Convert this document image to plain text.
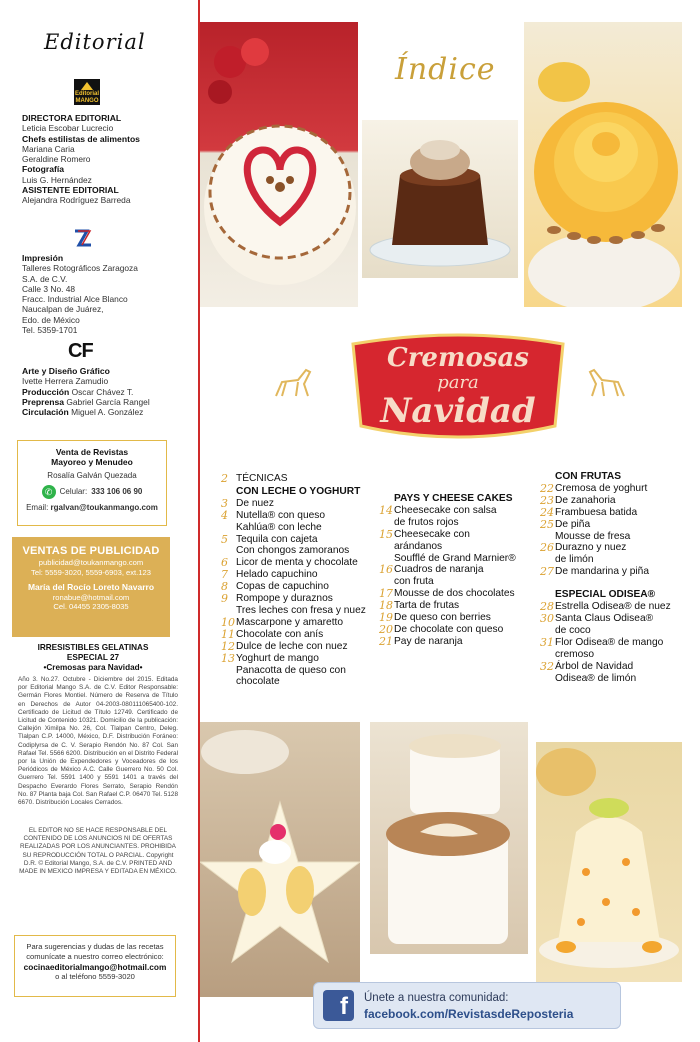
Editorial
Editorial MANGO
DIRECTORA EDITORIAL
Leticia Escobar Lucrecio
Chefs estilistas de alimentos
Mariana Caria
Geraldine Romero
Fotografía
Luis G. Hernández
ASISTENTE EDITORIAL
Alejandra Rodríguez Barreda
Impresión
Talleres Rotográficos Zaragoza
S.A. de C.V.
Calle 3 No. 48
Fracc. Industrial Alce Blanco
Naucalpan de Juárez,
Edo. de México
Tel. 5359-1701
CF
Arte y Diseño Gráfico
Ivette Herrera Zamudio
Producción Oscar Chávez T.
Preprensa Gabriel García Rangel
Circulación Miguel A. González
Venta de Revistas
Mayoreo y Menudeo
Rosalía Galván Quezada
✆ Celular: 333 106 06 90
Email: rgalvan@toukanmango.com
VENTAS DE PUBLICIDAD
publicidad@toukanmango.com
Tel: 5559-3020, 5559-6903, ext.123
María del Rocío Loreto Navarro
ronabue@hotmail.com
Cel. 04455 2305-8035
IRRESISTIBLES GELATINAS
ESPECIAL 27
•Cremosas para Navidad•
Año 3. No.27. Octubre - Diciembre del 2015. Editada por Editorial Mango S.A. de C.V. Editor Responsable: Germán Flores Montiel. Número de Reserva de Título en Derechos de Autor 04-2003-080111065400-102. Certificado de Licitud de Título 12749. Certificado de Licitud de Contenido 10321. Domicilio de la publicación: Callejón Ximilpa No. 26, Col. Tlalpan Centro, Deleg. Tlalpan C.P. 14000, México, D.F. Distribución Foráneo: Codiplyrsa de C. V. Serapio Rendón No. 87 Col. San Rafael Tel. 5566 6200. Distribución en el Distrito Federal por la Unión de Expendedores y Voceadores de los Periódicos de México A.C. Calle Guerrero No. 50 Col. Guerrero Tel. 5591 1400 y 5591 1401 a través del Despacho Everardo Flores Serrato, Serapio Rendón No. 87 Planta baja Col. San Rafael C.P. 06470 Tel. 5128 6670. Distribución Locales Cerrados.
EL EDITOR NO SE HACE RESPONSABLE DEL CONTENIDO DE LOS ANUNCIOS NI DE OFERTAS REALIZADAS POR LOS ANUNCIANTES. PROHIBIDA SU REPRODUCCIÓN TOTAL O PARCIAL. Copyright D.R. © Editorial Mango, S.A. de C.V. PRINTED AND MADE IN MEXICO IMPRESA Y EDITADA EN MÉXICO.
Para sugerencias y dudas de las recetas
comunícate a nuestro correo electrónico:
cocinaeditorialmango@hotmail.com
o al teléfono 5559-3020
Índice
Cremosas
para
Navidad
2 TÉCNICAS
CON LECHE O YOGHURT
3 De nuez
4 Nutella® con queso
Kahlúa® con leche
5 Tequila con cajeta
Con chongos zamoranos
6 Licor de menta y chocolate
7 Helado capuchino
8 Copas de capuchino
9 Rompope y duraznos
Tres leches con fresa y nuez
10 Mascarpone y amaretto
11 Chocolate con anís
12 Dulce de leche con nuez
13 Yoghurt de mango
Panacotta de queso con
chocolate
PAYS Y CHEESE CAKES
14 Cheesecake con salsa
de frutos rojos
15 Cheesecake con
arándanos
Soufflé de Grand Marnier®
16 Cuadros de naranja
con fruta
17 Mousse de dos chocolates
18 Tarta de frutas
19 De queso con berries
20 De chocolate con queso
21 Pay de naranja
CON FRUTAS
22 Cremosa de yoghurt
23 De zanahoria
24 Frambuesa batida
25 De piña
Mousse de fresa
26 Durazno y nuez
de limón
27 De mandarina y piña
ESPECIAL ODISEA®
28 Estrella Odisea® de nuez
30 Santa Claus Odisea®
de coco
31 Flor Odisea® de mango
cremoso
32 Árbol de Navidad
Odisea® de limón
f	Únete a nuestra comunidad:
facebook.com/RevistasdeReposteria
